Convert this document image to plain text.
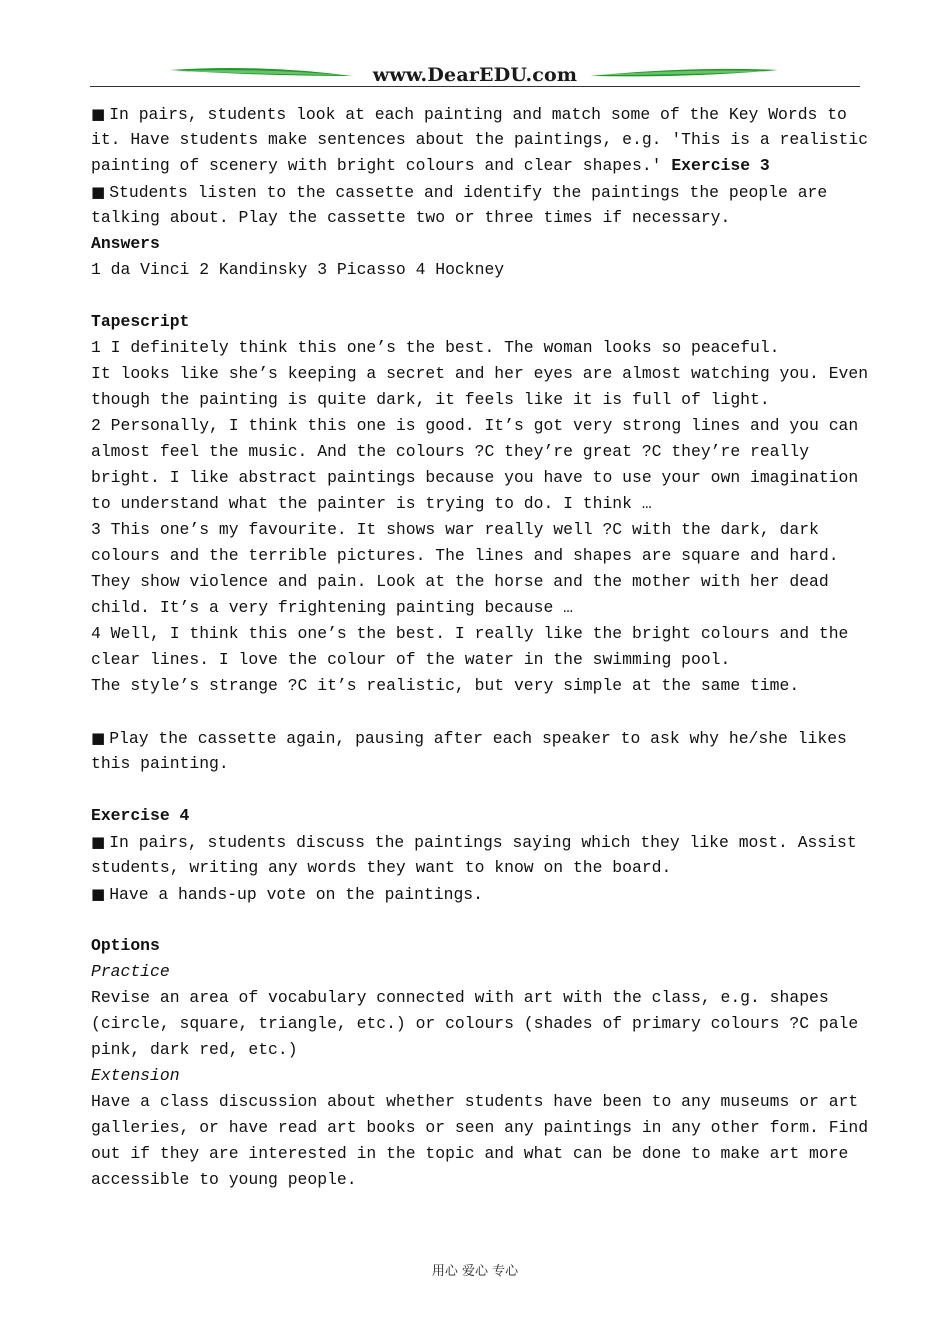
www.DearEDU.com
■ In pairs, students look at each painting and match some of the Key Words to
it. Have students make sentences about the paintings, e.g. 'This is a realistic
painting of scenery with bright colours and clear shapes.' Exercise 3
■ Students listen to the cassette and identify the paintings the people are
talking about. Play the cassette two or three times if necessary.
Answers
1 da Vinci 2 Kandinsky 3 Picasso 4 Hockney
Tapescript
1 I definitely think this one’s the best. The woman looks so peaceful.
It looks like she’s keeping a secret and her eyes are almost watching you. Even
though the painting is quite dark, it feels like it is full of light.
2 Personally, I think this one is good. It’s got very strong lines and you can
almost feel the music. And the colours ?C they’re great ?C they’re really
bright. I like abstract paintings because you have to use your own imagination
to understand what the painter is trying to do. I think …
3 This one’s my favourite. It shows war really well ?C with the dark, dark
colours and the terrible pictures. The lines and shapes are square and hard.
They show violence and pain. Look at the horse and the mother with her dead
child. It’s a very frightening painting because …
4 Well, I think this one’s the best. I really like the bright colours and the
clear lines. I love the colour of the water in the swimming pool.
The style’s strange ?C it’s realistic, but very simple at the same time.
■ Play the cassette again, pausing after each speaker to ask why he/she likes
this painting.
Exercise 4
■ In pairs, students discuss the paintings saying which they like most. Assist
students, writing any words they want to know on the board.
■ Have a hands-up vote on the paintings.
Options
Practice
Revise an area of vocabulary connected with art with the class, e.g. shapes
(circle, square, triangle, etc.) or colours (shades of primary colours ?C pale
pink, dark red, etc.)
Extension
Have a class discussion about whether students have been to any museums or art
galleries, or have read art books or seen any paintings in any other form. Find
out if they are interested in the topic and what can be done to make art more
accessible to young people.
用心 爱心 专心
